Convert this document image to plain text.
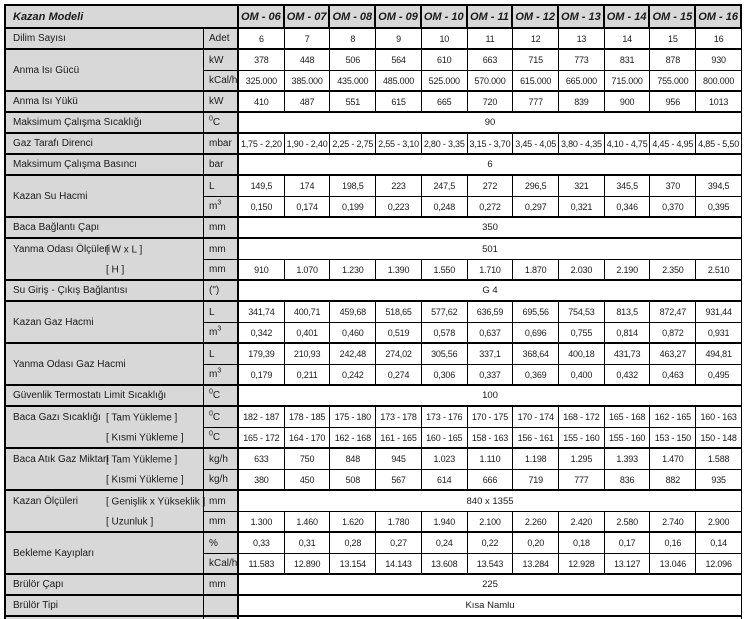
Kazan Modeli		OM - 06	OM - 07	OM - 08	OM - 09	OM - 10	OM - 11	OM - 12	OM - 13	OM - 14	OM - 15	OM - 16
Dilim Sayısı	Adet	6	7	8	9	10	11	12	13	14	15	16
Anma Isı Gücü	kW	378	448	506	564	610	663	715	773	831	878	930
	kCal/h	325.000	385.000	435.000	485.000	525.000	570.000	615.000	665.000	715.000	755.000	800.000
Anma Isı Yükü	kW	410	487	551	615	665	720	777	839	900	956	1013
Maksimum Çalışma Sıcaklığı	$^0$C	90										
Gaz Tarafı Direnci	mbar	1,75 - 2,20	1,90 - 2,40	2,25 - 2,75	2,55 - 3,10	2,80 - 3,35	3,15 - 3,70	3,45 - 4,05	3,80 - 4,35	4,10 - 4,75	4,45 - 4,95	4,85 - 5,50
Maksimum Çalışma Basıncı	bar	6										
Kazan Su Hacmi	L	149,5	174	198,5	223	247,5	272	296,5	321	345,5	370	394,5
	$m^3$	0,150	0,174	0,199	0,223	0,248	0,272	0,297	0,321	0,346	0,370	0,395
Baca Bağlantı Çapı	mm	350										
Yanma Odası Ölçüleri
[ W x L ]	mm	501										

[ H ]	mm	910	1.070	1.230	1.390	1.550	1.710	1.870	2.030	2.190	2.350	2.510
Su Giriş - Çıkış Bağlantısı	(")	G 4										
Kazan Gaz Hacmi	L	341,74	400,71	459,68	518,65	577,62	636,59	695,56	754,53	813,5	872,47	931,44
	$m^3$	0,342	0,401	0,460	0,519	0,578	0,637	0,696	0,755	0,814	0,872	0,931
Yanma Odası Gaz Hacmi	L	179,39	210,93	242,48	274,02	305,56	337,1	368,64	400,18	431,73	463,27	494,81
	$m^3$	0,179	0,211	0,242	0,274	0,306	0,337	0,369	0,400	0,432	0,463	0,495
Güvenlik Termostatı Limit Sıcaklığı	$^0$C	100										
Baca Gazı Sıcaklığı [ Tam Yükleme ]	$^0$C	182 - 187	178 - 185	175 - 180	173 - 178	173 - 176	170 - 175	170 - 174	168 - 172	165 - 168	162 - 165	160 - 163

[ Kısmi Yükleme ]	$^0$C	165 - 172	164 - 170	162 - 168	161 - 165	160 - 165	158 - 163	156 - 161	155 - 160	155 - 160	153 - 150	150 - 148
Baca Atık Gaz Miktarı
[ Tam Yükleme ]	kg/h	633	750	848	945	1.023	1.110	1.198	1.295	1.393	1.470	1.588

[ Kısmi Yükleme ]	kg/h	380	450	508	567	614	666	719	777	836	882	935
Kazan Ölçüleri [ Genişlik x Yükseklik ]	mm	840 x 1355										

[ Uzunluk ]	mm	1.300	1.460	1.620	1.780	1.940	2.100	2.260	2.420	2.580	2.740	2.900
Bekleme Kayıpları	%	0,33	0,31	0,28	0,27	0,24	0,22	0,20	0,18	0,17	0,16	0,14
	kCal/h	11.583	12.890	13.154	14.143	13.608	13.543	13.284	12.928	13.127	13.046	12.096
Brülör Çapı	mm	225										
Brülör Tipi		Kısa Namlu										
